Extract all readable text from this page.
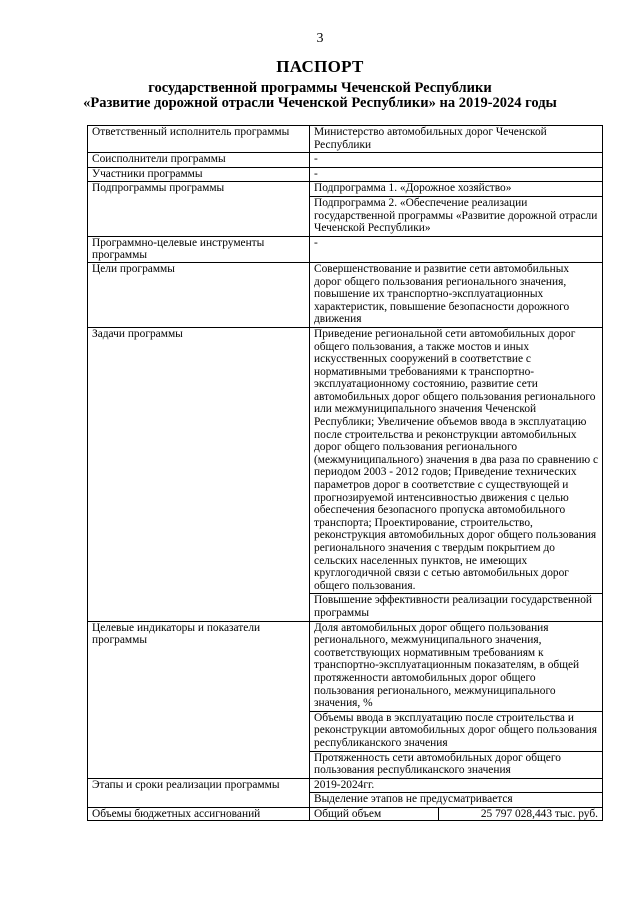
3
ПАСПОРТ
государственной программы Чеченской Республики
«Развитие дорожной отрасли Чеченской Республики» на 2019-2024 годы
Ответственный исполнитель программы	Министерство автомобильных дорог Чеченской Республики

Соисполнители программы	-

Участники программы	-

Подпрограммы программы	Подпрограмма 1. «Дорожное хозяйство»
Подпрограмма 2. «Обеспечение реализации государственной программы «Развитие дорожной отрасли Чеченской Республики»

Программно-целевые инструменты программы	-

Цели программы	Совершенствование и развитие сети автомобильных дорог общего пользования регионального значения, повышение их транспортно-эксплуатационных характеристик, повышение безопасности дорожного движения

Задачи программы	Приведение региональной сети автомобильных дорог общего пользования, а также мостов и иных искусственных сооружений в соответствие с нормативными требованиями к транспортно-эксплуатационному состоянию, развитие сети автомобильных дорог общего пользования регионального или межмуниципального значения Чеченской Республики; Увеличение объемов ввода в эксплуатацию после строительства и реконструкции автомобильных дорог общего пользования регионального (межмуниципального) значения в два раза по сравнению с периодом 2003 - 2012 годов; Приведение технических параметров дорог в соответствие с существующей и прогнозируемой интенсивностью движения с целью обеспечения безопасного пропуска автомобильного транспорта; Проектирование, строительство, реконструкция автомобильных дорог общего пользования регионального значения с твердым покрытием до сельских населенных пунктов, не имеющих круглогодичной связи с сетью автомобильных дорог общего пользования.
Повышение эффективности реализации государственной программы

Целевые индикаторы и показатели программы	Доля автомобильных дорог общего пользования регионального, межмуниципального значения, соответствующих нормативным требованиям к транспортно-эксплуатационным показателям, в общей протяженности автомобильных дорог общего пользования регионального, межмуниципального значения, %
Объемы ввода в эксплуатацию после строительства и реконструкции автомобильных дорог общего пользования республиканского значения
Протяженность сети автомобильных дорог общего пользования республиканского значения

Этапы и сроки реализации программы	2019-2024гг.
Выделение этапов не предусматривается

Объемы бюджетных ассигнований	Общий объем 25 797 028,443 тыс. руб.
